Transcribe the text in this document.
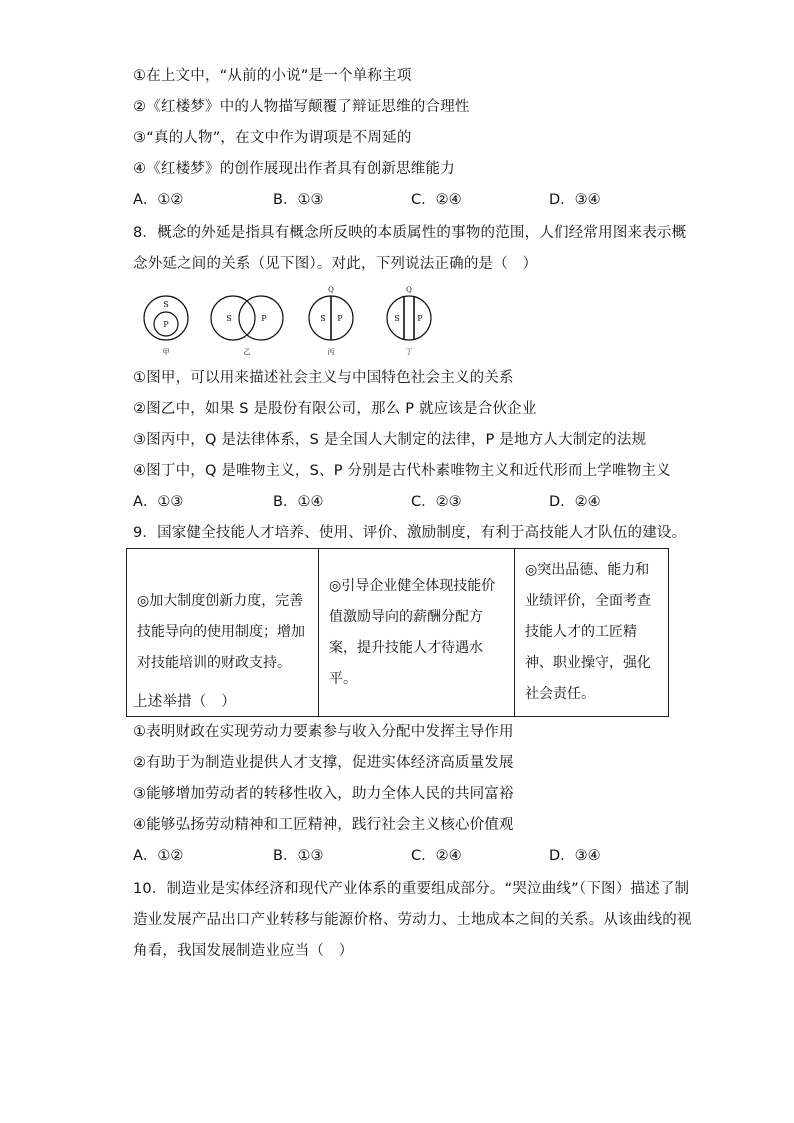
①在上文中，“从前的小说”是一个单称主项
②《红楼梦》中的人物描写颠覆了辩证思维的合理性
③“真的人物”，在文中作为谓项是不周延的
④《红楼梦》的创作展现出作者具有创新思维能力
A．①②	B．①③	C．②④	D．③④
8．概念的外延是指具有概念所反映的本质属性的事物的范围，人们经常用图来表示概
念外延之间的关系（见下图）。对此，下列说法正确的是（　）
S
P
甲
S	P
乙
Q
S P
丙
Q
S P
丁
①图甲，可以用来描述社会主义与中国特色社会主义的关系
②图乙中，如果 S 是股份有限公司，那么 P 就应该是合伙企业
③图丙中，Q 是法律体系，S 是全国人大制定的法律，P 是地方人大制定的法规
④图丁中，Q 是唯物主义，S、P 分别是古代朴素唯物主义和近代形而上学唯物主义
A．①③	B．①④	C．②③	D．②④
9．国家健全技能人才培养、使用、评价、激励制度，有利于高技能人才队伍的建设。
◎加大制度创新力度，完善技能导向的使用制度；增加对技能培训的财政支持。	◎引导企业健全体现技能价值激励导向的薪酬分配方案，提升技能人才待遇水平。	◎突出品德、能力和业绩评价，全面考查技能人才的工匠精神、职业操守，强化社会责任。
上述举措（　）
①表明财政在实现劳动力要素参与收入分配中发挥主导作用
②有助于为制造业提供人才支撑，促进实体经济高质量发展
③能够增加劳动者的转移性收入，助力全体人民的共同富裕
④能够弘扬劳动精神和工匠精神，践行社会主义核心价值观
A．①②	B．①③	C．②④	D．③④
10．制造业是实体经济和现代产业体系的重要组成部分。“哭泣曲线”（下图）描述了制
造业发展产品出口产业转移与能源价格、劳动力、土地成本之间的关系。从该曲线的视
角看，我国发展制造业应当（　）
